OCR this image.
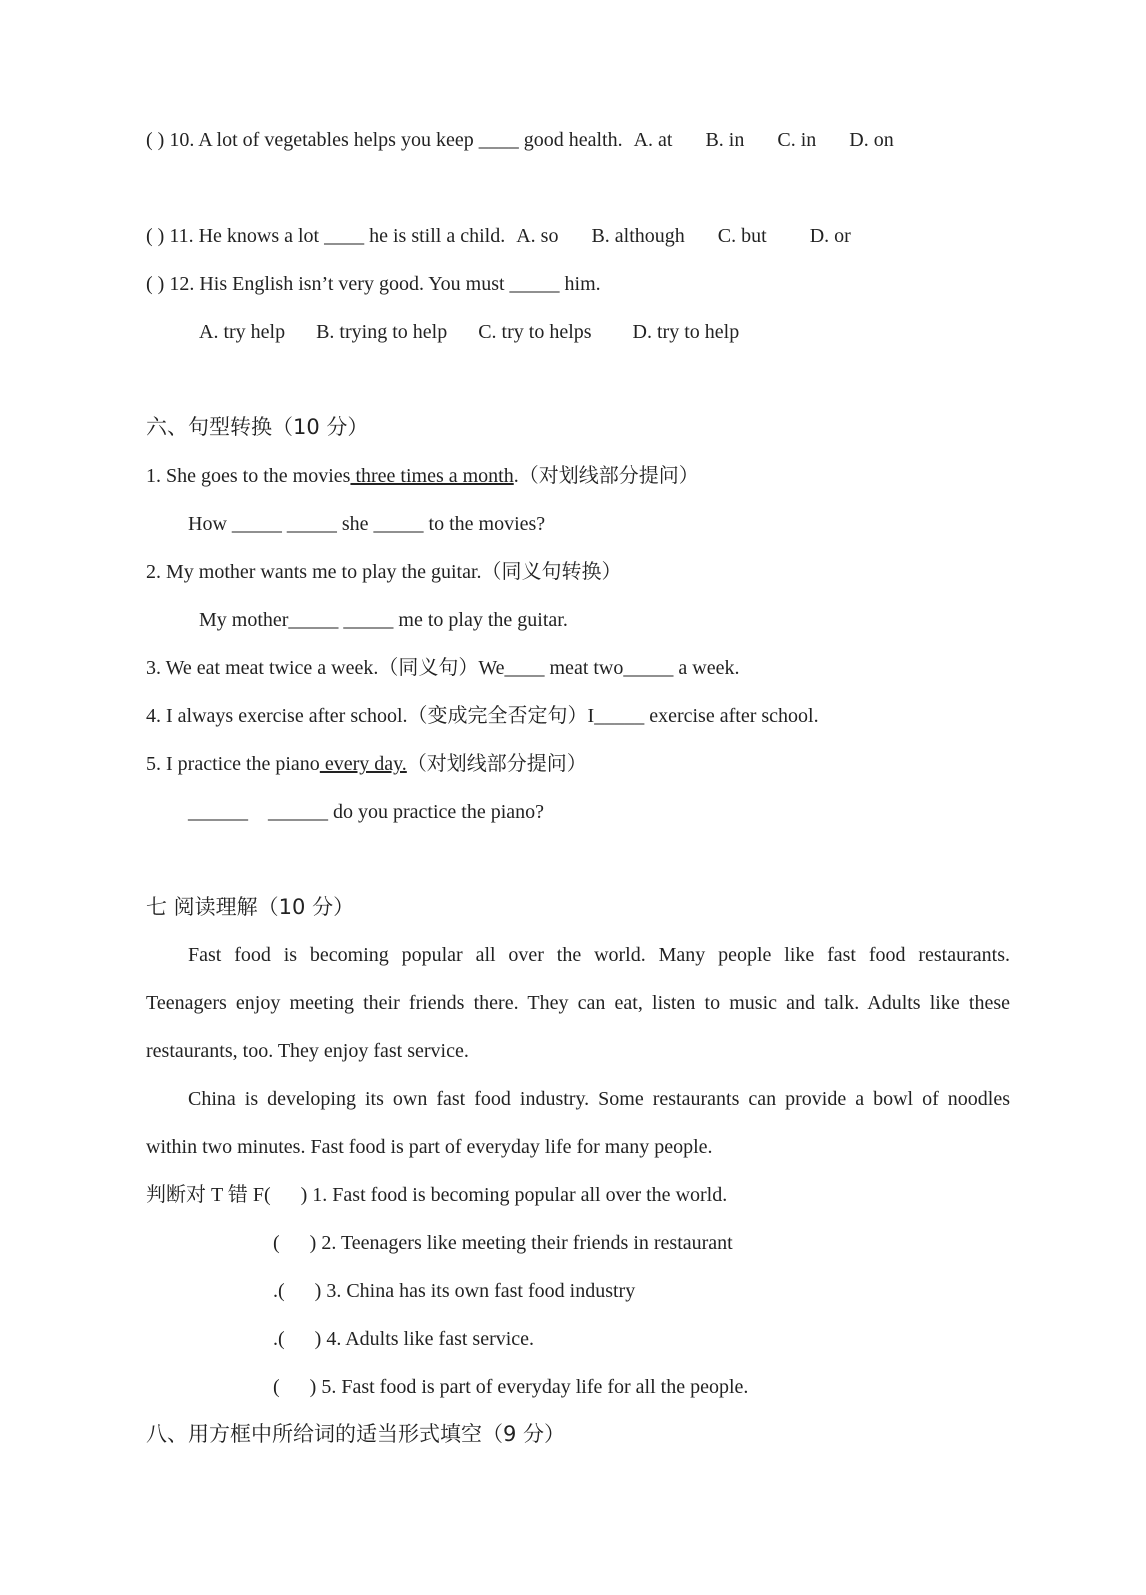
( ) 10. A lot of vegetables helps you keep ____ good health. A. at B. in C. in D. on
( ) 11. He knows a lot ____ he is still a child. A. so B. although C. but D. or
( ) 12. His English isn’t very good. You must _____ him.
A. try help B. trying to help C. try to helps D. try to help
六、句型转换（10 分）
1. She goes to the movies three times a month.（对划线部分提问）
How _____ _____ she _____ to the movies?
2. My mother wants me to play the guitar.（同义句转换）
My mother_____ _____ me to play the guitar.
3. We eat meat twice a week.（同义句）We____ meat two_____ a week.
4. I always exercise after school.（变成完全否定句）I_____ exercise after school.
5. I practice the piano every day.（对划线部分提问）
______    ______ do you practice the piano?
七 阅读理解（10 分）
Fast food is becoming popular all over the world. Many people like fast food restaurants.
Teenagers enjoy meeting their friends there. They can eat, listen to music and talk. Adults like these
restaurants, too. They enjoy fast service.
China is developing its own fast food industry. Some restaurants can provide a bowl of noodles
within two minutes. Fast food is part of everyday life for many people.
判断对 T 错 F(      ) 1. Fast food is becoming popular all over the world.
(      ) 2. Teenagers like meeting their friends in restaurant
.(      ) 3. China has its own fast food industry
.(      ) 4. Adults like fast service.
(      ) 5. Fast food is part of everyday life for all the people.
八、用方框中所给词的适当形式填空（9 分）
